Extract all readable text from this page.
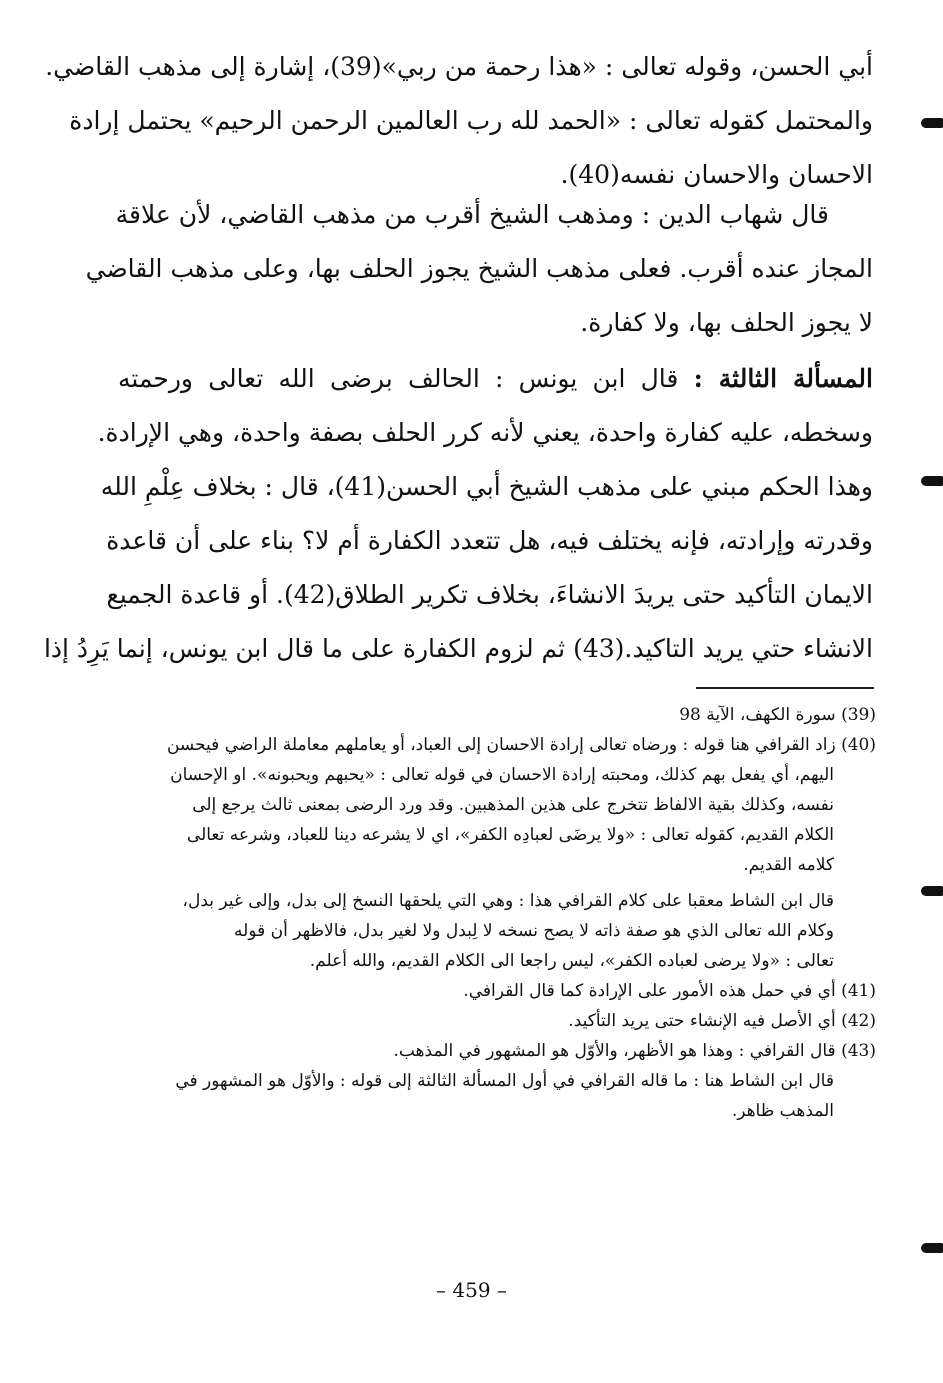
أبي الحسن، وقوله تعالى : «هذا رحمة من ربي»(39)، إشارة إلى مذهب القاضي.
والمحتمل كقوله تعالى : «الحمد لله رب العالمين الرحمن الرحيم» يحتمل إرادة
الاحسان والاحسان نفسه(40).

قال شهاب الدين : ومذهب الشيخ أقرب من مذهب القاضي، لأن علاقة
المجاز عنده أقرب. فعلى مذهب الشيخ يجوز الحلف بها، وعلى مذهب القاضي
لا يجوز الحلف بها، ولا كفارة.

المسألة الثالثة : قال ابن يونس : الحالف برضى الله تعالى ورحمته
وسخطه، عليه كفارة واحدة، يعني لأنه كرر الحلف بصفة واحدة، وهي الإرادة.
وهذا الحكم مبني على مذهب الشيخ أبي الحسن(41)، قال : بخلاف عِلْمِ الله
وقدرته وإرادته، فإنه يختلف فيه، هل تتعدد الكفارة أم لا؟ بناء على أن قاعدة
الايمان التأكيد حتى يريدَ الانشاءَ، بخلاف تكرير الطلاق(42). أو قاعدة الجميع
الانشاء حتي يريد التاكيد.(43) ثم لزوم الكفارة على ما قال ابن يونس، إنما يَرِدُ إذا

(39) سورة الكهف، الآية 98
(40) زاد القرافي هنا قوله : ورضاه تعالى إرادة الاحسان إلى العباد، أو يعاملهم معاملة الراضي فيحسن
اليهم، أي يفعل بهم كذلك، ومحبته إرادة الاحسان في قوله تعالى : «يحبهم ويحبونه». او الإحسان
نفسه، وكذلك بقية الالفاظ تتخرج على هذين المذهبين. وقد ورد الرضى بمعنى ثالث يرجع إلى
الكلام القديم، كقوله تعالى : «ولا يرضَى لعبادِه الكفر»، اي لا يشرعه دينا للعباد، وشرعه تعالى
كلامه القديم.
قال ابن الشاط معقبا على كلام القرافي هذا : وهي التي يلحقها النسخ إلى بدل، وإلى غير بدل،
وكلام الله تعالى الذي هو صفة ذاته لا يصح نسخه لا لِبدل ولا لغير بدل، فالاظهر أن قوله
تعالى : «ولا يرضى لعباده الكفر»، ليس راجعا الى الكلام القديم، والله أعلم.
(41) أي في حمل هذه الأمور على الإرادة كما قال القرافي.
(42) أي الأصل فيه الإنشاء حتى يريد التأكيد.
(43) قال القرافي : وهذا هو الأظهر، والأوّل هو المشهور في المذهب.
قال ابن الشاط هنا : ما قاله القرافي في أول المسألة الثالثة إلى قوله : والأوّل هو المشهور في
المذهب ظاهر.
– 459 –
